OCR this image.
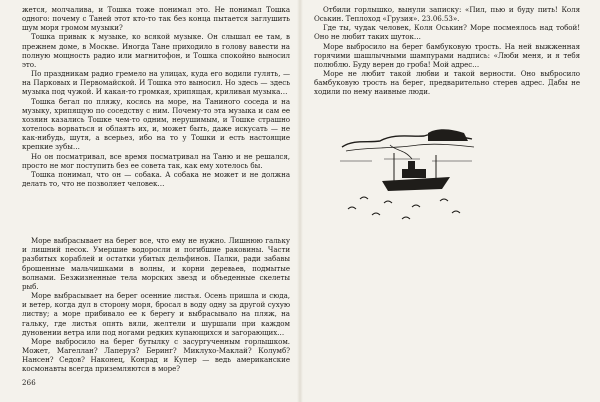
жется, молчалива, и Тошка тоже понимал это. Не понимал Тошка одного: почему с Таней этот кто-то так без конца пытается заглушить шум моря громом музыки?

Тошка привык к музыке, ко всякой музыке. Он слышал ее там, в прежнем доме, в Москве. Иногда Тане приходило в голову вавести на полную мощность радио или магнитофон, и Тошка спокойно выносил это.

По праздникам радио гремело на улицах, куда его водили гулять, — на Парковых и Первомайской. И Тошка это выносил. Но здесь — здесь музыка под чужой. И какая-то громкая, хрипящая, криливая музыка…

Тошка бегал по пляжу, косясь на море, на Таниного соседа и на музыку, хрипящую по соседству с ним. Почему-то эта музыка и сам ее хозяин казались Тошке чем-то одним, нерушимым, и Тошке страшно хотелось ворваться и облаять их, и, может быть, даже искусать — не как-нибудь, шутя, а всерьез, ибо на то у Тошки и есть настоящие крепкие зубы…

Но он посматривал, все время посматривал на Таню и не решался, просто не мог поступить без ее совета так, как ему хотелось бы.

Тошка понимал, что он — собака. А собака не может и не должна делать то, что не позволяет человек…

Море выбрасывает на берег все, что ему не нужно. Лишнюю гальку и лишний песок. Умершие водоросли и погибшие раковины. Части разбитых кораблей и остатки убитых дельфинов. Палки, ради забавы брошенные мальчишками в волны, и корни деревьев, подмытые волнами. Безжизненные тела морских звезд и объеденные скелеты рыб.

Море выбрасывает на берег осенние листья. Осень пришла и сюда, и ветер, когда дул в сторону моря, бросал в воду одну за другой сухую листву; а море прибивало ее к берегу и выбрасывало на пляж, на гальку, где листья опять вяли, желтели и шуршали при каждом дуновении ветра или под ногами редких купающихся и загорающих…

Море выбросило на берег бутылку с засургученным горлышком. Может, Магеллан? Лаперуз? Беринг? Миклухо-Маклай? Колумб? Нансен? Седов? Наконец, Конрад и Купер — ведь американские космонавты всегда приземляются в море?

266

Отбили горлышко, вынули записку: «Пил, пью и буду пить! Коля Оськин. Теплоход «Грузия». 23.06.53».

Где ты, чудак человек, Коля Оськин? Море посмеялось над тобой! Оно не любит таких шуток…

Море выбросило на берег бамбуковую трость. На ней выжженная горячими шашлычными шампурами надпись: «Люби меня, и я тебя полюблю. Буду верен до гроба! Мой адрес…

Море не любит такой любви и такой верности. Оно выбросило бамбуковую трость на берег, предварительно стерев адрес. Дабы не ходили по нему наивные люди.
